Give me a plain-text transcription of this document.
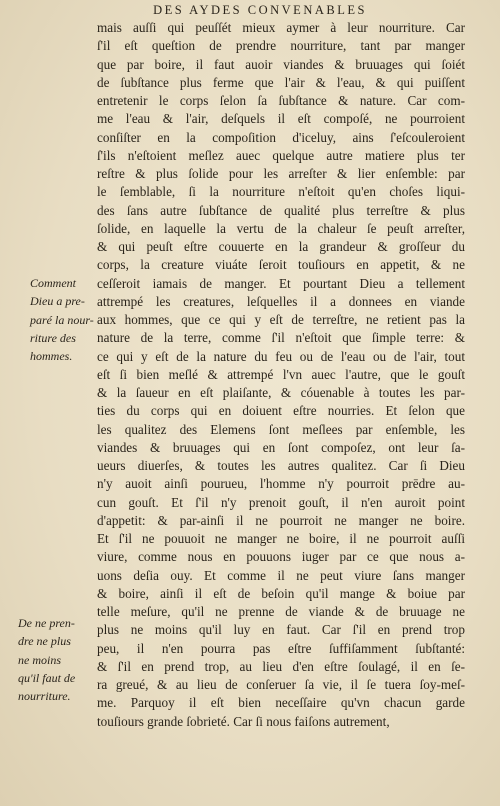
DES AYDES CONVENABLES
Comment
Dieu a pre-
paré la nour-
riture des
hommes.
De ne pren-
dre ne plus
ne moins
qu'il faut de
nourriture.
mais auſſi qui peuſſét mieux aymer à leur nourriture. Car
ſ'il eſt queſtion de prendre nourriture, tant par manger
que par boire, il faut auoir viandes & bruuages qui ſoiét
de ſubſtance plus ferme que l'air & l'eau, & qui puiſſent
entretenir le corps ſelon ſa ſubſtance & nature. Car com-
me l'eau & l'air, deſquels il eſt compoſé, ne pourroient
conſiſter en la compoſition d'iceluy, ains ſ'eſcouleroient
ſ'ils n'eſtoient meſlez auec quelque autre matiere plus ter
reſtre & plus ſolide pour les arreſter & lier enſemble: par
le ſemblable, ſi la nourriture n'eſtoit qu'en choſes liqui-
des ſans autre ſubſtance de qualité plus terreſtre & plus
ſolide, en laquelle la vertu de la chaleur ſe peuſt arreſter,
& qui peuſt eſtre couuerte en la grandeur & groſſeur du
corps, la creature viuáte ſeroit touſiours en appetit, & ne
ceſſeroit iamais de manger. Et pourtant Dieu a tellement
attrempé les creatures, leſquelles il a donnees en viande
aux hommes, que ce qui y eſt de terreſtre, ne retient pas la
nature de la terre, comme ſ'il n'eſtoit que ſimple terre: &
ce qui y eſt de la nature du feu ou de l'eau ou de l'air, tout
eſt ſi bien meſlé & attrempé l'vn auec l'autre, que le gouſt
& la ſaueur en eſt plaiſante, & cóuenable à toutes les par-
ties du corps qui en doiuent eſtre nourries. Et ſelon que
les qualitez des Elemens ſont meſlees par enſemble, les
viandes & bruuages qui en ſont compoſez, ont leur ſa-
ueurs diuerſes, & toutes les autres qualitez. Car ſi Dieu
n'y auoit ainſi pourueu, l'homme n'y pourroit prēdre au-
cun gouſt. Et ſ'il n'y prenoit gouſt, il n'en auroit point
d'appetit: & par-ainſi il ne pourroit ne manger ne boire.
Et ſ'il ne pouuoit ne manger ne boire, il ne pourroit auſſi
viure, comme nous en pouuons iuger par ce que nous a-
uons deſia ouy. Et comme il ne peut viure ſans manger
& boire, ainſi il eſt de beſoin qu'il mange & boiue par
telle meſure, qu'il ne prenne de viande & de bruuage ne
plus ne moins qu'il luy en faut. Car ſ'il en prend trop
peu, il n'en pourra pas eſtre ſuffiſamment ſubſtanté:
& ſ'il en prend trop, au lieu d'en eſtre ſoulagé, il en ſe-
ra greué, & au lieu de conſeruer ſa vie, il ſe tuera ſoy-meſ-
me. Parquoy il eſt bien neceſſaire qu'vn chacun garde
touſiours grande ſobrieté. Car ſi nous faiſons autrement,
